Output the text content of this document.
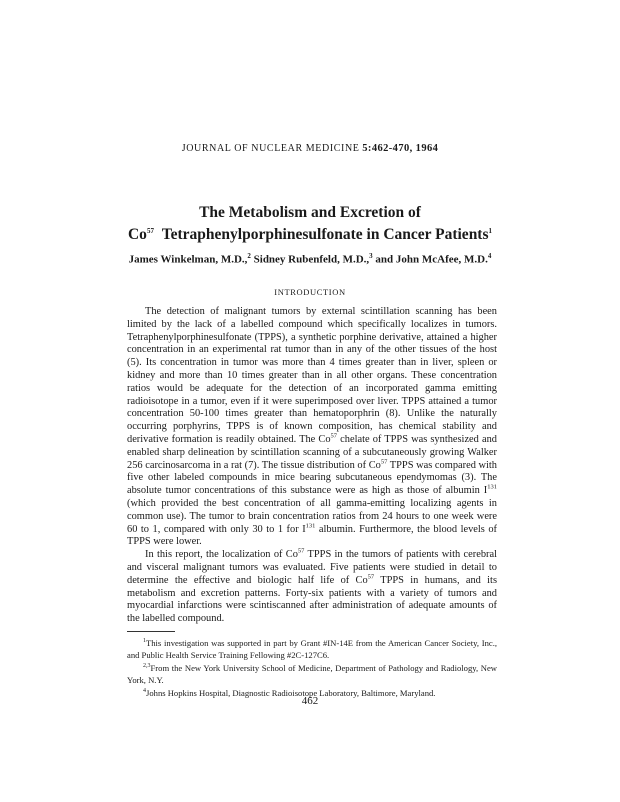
JOURNAL OF NUCLEAR MEDICINE 5:462-470, 1964
The Metabolism and Excretion of
Co$^{57}$ Tetraphenylporphinesulfonate in Cancer Patients$^1$
James Winkelman, M.D.,$^2$ Sidney Rubenfeld, M.D.,$^3$ and John McAfee, M.D.$^4$
INTRODUCTION

The detection of malignant tumors by external scintillation scanning has been limited by the lack of a labelled compound which specifically localizes in tumors. Tetraphenylporphinesulfonate (TPPS), a synthetic porphine derivative, attained a higher concentration in an experimental rat tumor than in any of the other tissues of the host (5). Its concentration in tumor was more than 4 times greater than in liver, spleen or kidney and more than 10 times greater than in all other organs. These concentration ratios would be adequate for the detection of an incorporated gamma emitting radioisotope in a tumor, even if it were superimposed over liver. TPPS attained a tumor concentration 50-100 times greater than hematoporphrin (8). Unlike the naturally occurring porphyrins, TPPS is of known composition, has chemical stability and derivative formation is readily obtained. The Co$^{57}$ chelate of TPPS was synthesized and enabled sharp delineation by scintillation scanning of a subcutaneously growing Walker 256 carcinosarcoma in a rat (7). The tissue distribution of Co$^{57}$ TPPS was compared with five other labeled compounds in mice bearing subcutaneous ependymomas (3). The absolute tumor concentrations of this substance were as high as those of albumin $I^{131}$ (which provided the best concentration of all gamma-emitting localizing agents in common use). The tumor to brain concentration ratios from 24 hours to one week were 60 to 1, compared with only 30 to 1 for $I^{131}$ albumin. Furthermore, the blood levels of TPPS were lower.

In this report, the localization of Co$^{57}$ TPPS in the tumors of patients with cerebral and visceral malignant tumors was evaluated. Five patients were studied in detail to determine the effective and biologic half life of Co$^{57}$ TPPS in humans, and its metabolism and excretion patterns. Forty-six patients with a variety of tumors and myocardial infarctions were scintiscanned after administration of adequate amounts of the labelled compound.

$^1$This investigation was supported in part by Grant #IN-14E from the American Cancer Society, Inc., and Public Health Service Training Fellowing #2C-127C6.

$^{2,3}$From the New York University School of Medicine, Department of Pathology and Radiology, New York, N.Y.

$^4$Johns Hopkins Hospital, Diagnostic Radioisotope Laboratory, Baltimore, Maryland.

462
